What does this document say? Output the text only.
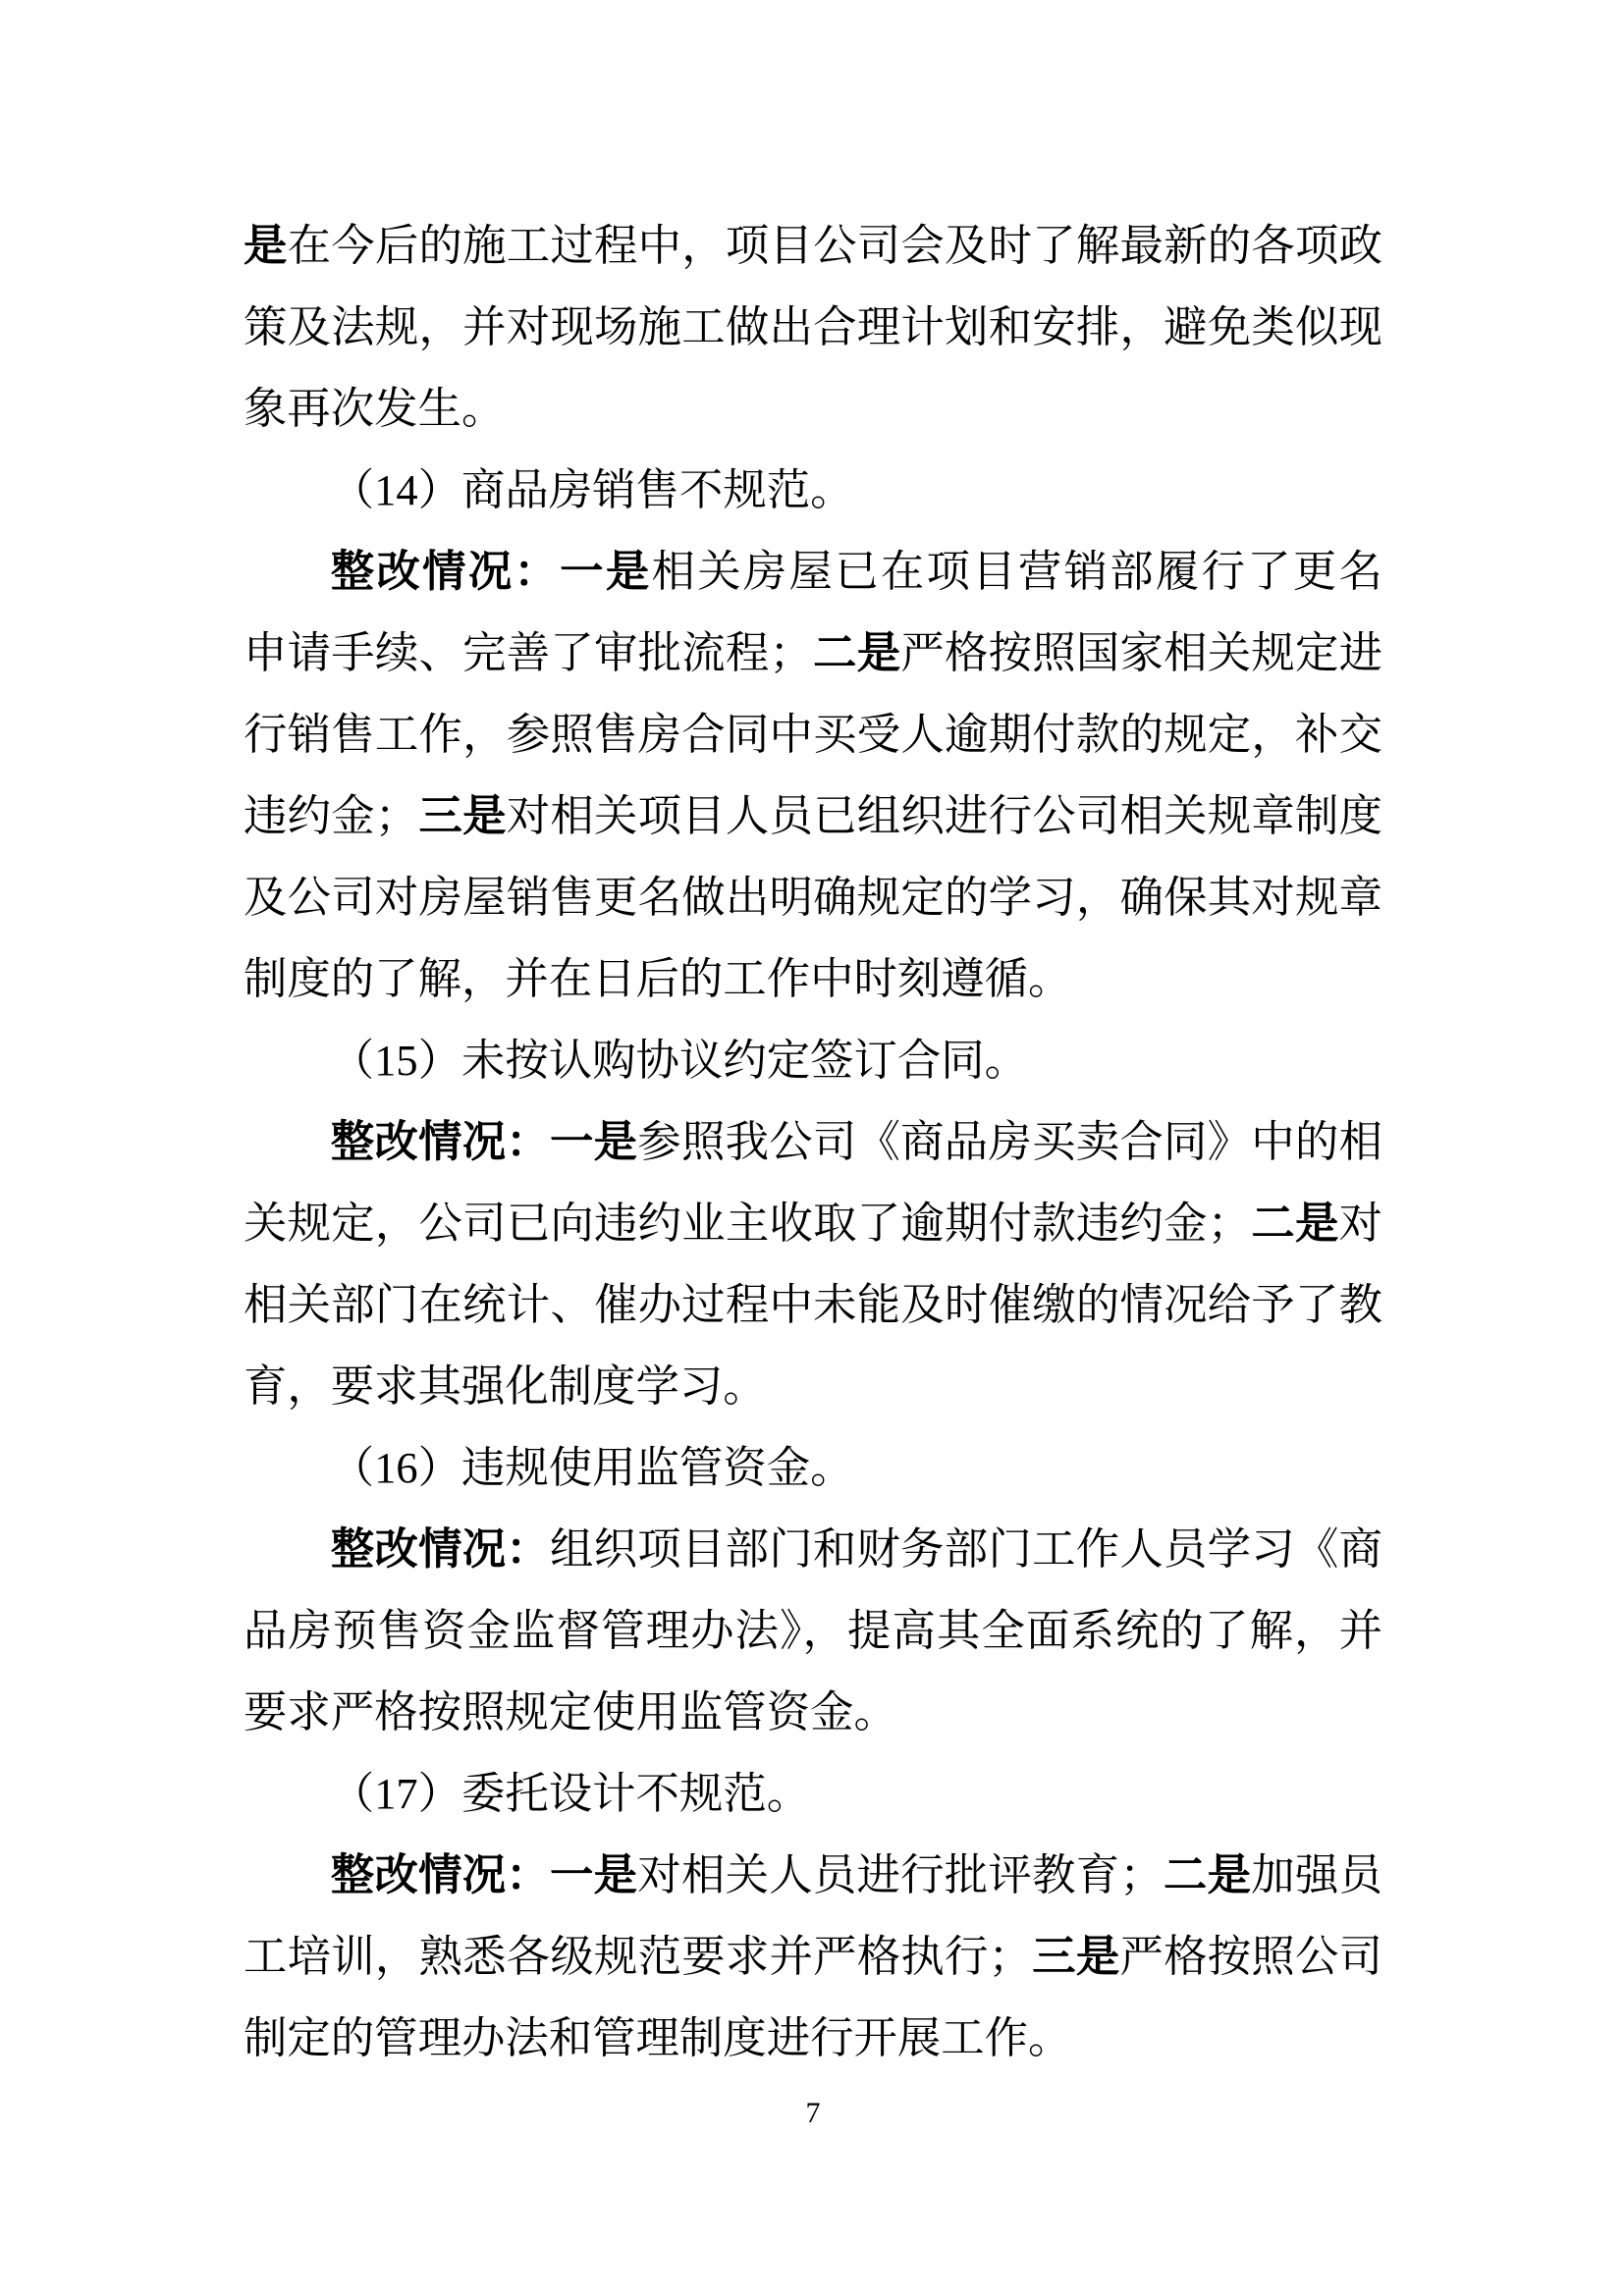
是在今后的施工过程中，项目公司会及时了解最新的各项政
策及法规，并对现场施工做出合理计划和安排，避免类似现
象再次发生。
（14）商品房销售不规范。
整改情况：一是相关房屋已在项目营销部履行了更名
申请手续、完善了审批流程；二是严格按照国家相关规定进
行销售工作，参照售房合同中买受人逾期付款的规定，补交
违约金；三是对相关项目人员已组织进行公司相关规章制度
及公司对房屋销售更名做出明确规定的学习，确保其对规章
制度的了解，并在日后的工作中时刻遵循。
（15）未按认购协议约定签订合同。
整改情况：一是参照我公司《商品房买卖合同》中的相
关规定，公司已向违约业主收取了逾期付款违约金；二是对
相关部门在统计、催办过程中未能及时催缴的情况给予了教
育，要求其强化制度学习。
（16）违规使用监管资金。
整改情况：组织项目部门和财务部门工作人员学习《商
品房预售资金监督管理办法》，提高其全面系统的了解，并
要求严格按照规定使用监管资金。
（17）委托设计不规范。
整改情况：一是对相关人员进行批评教育；二是加强员
工培训，熟悉各级规范要求并严格执行；三是严格按照公司
制定的管理办法和管理制度进行开展工作。
7
